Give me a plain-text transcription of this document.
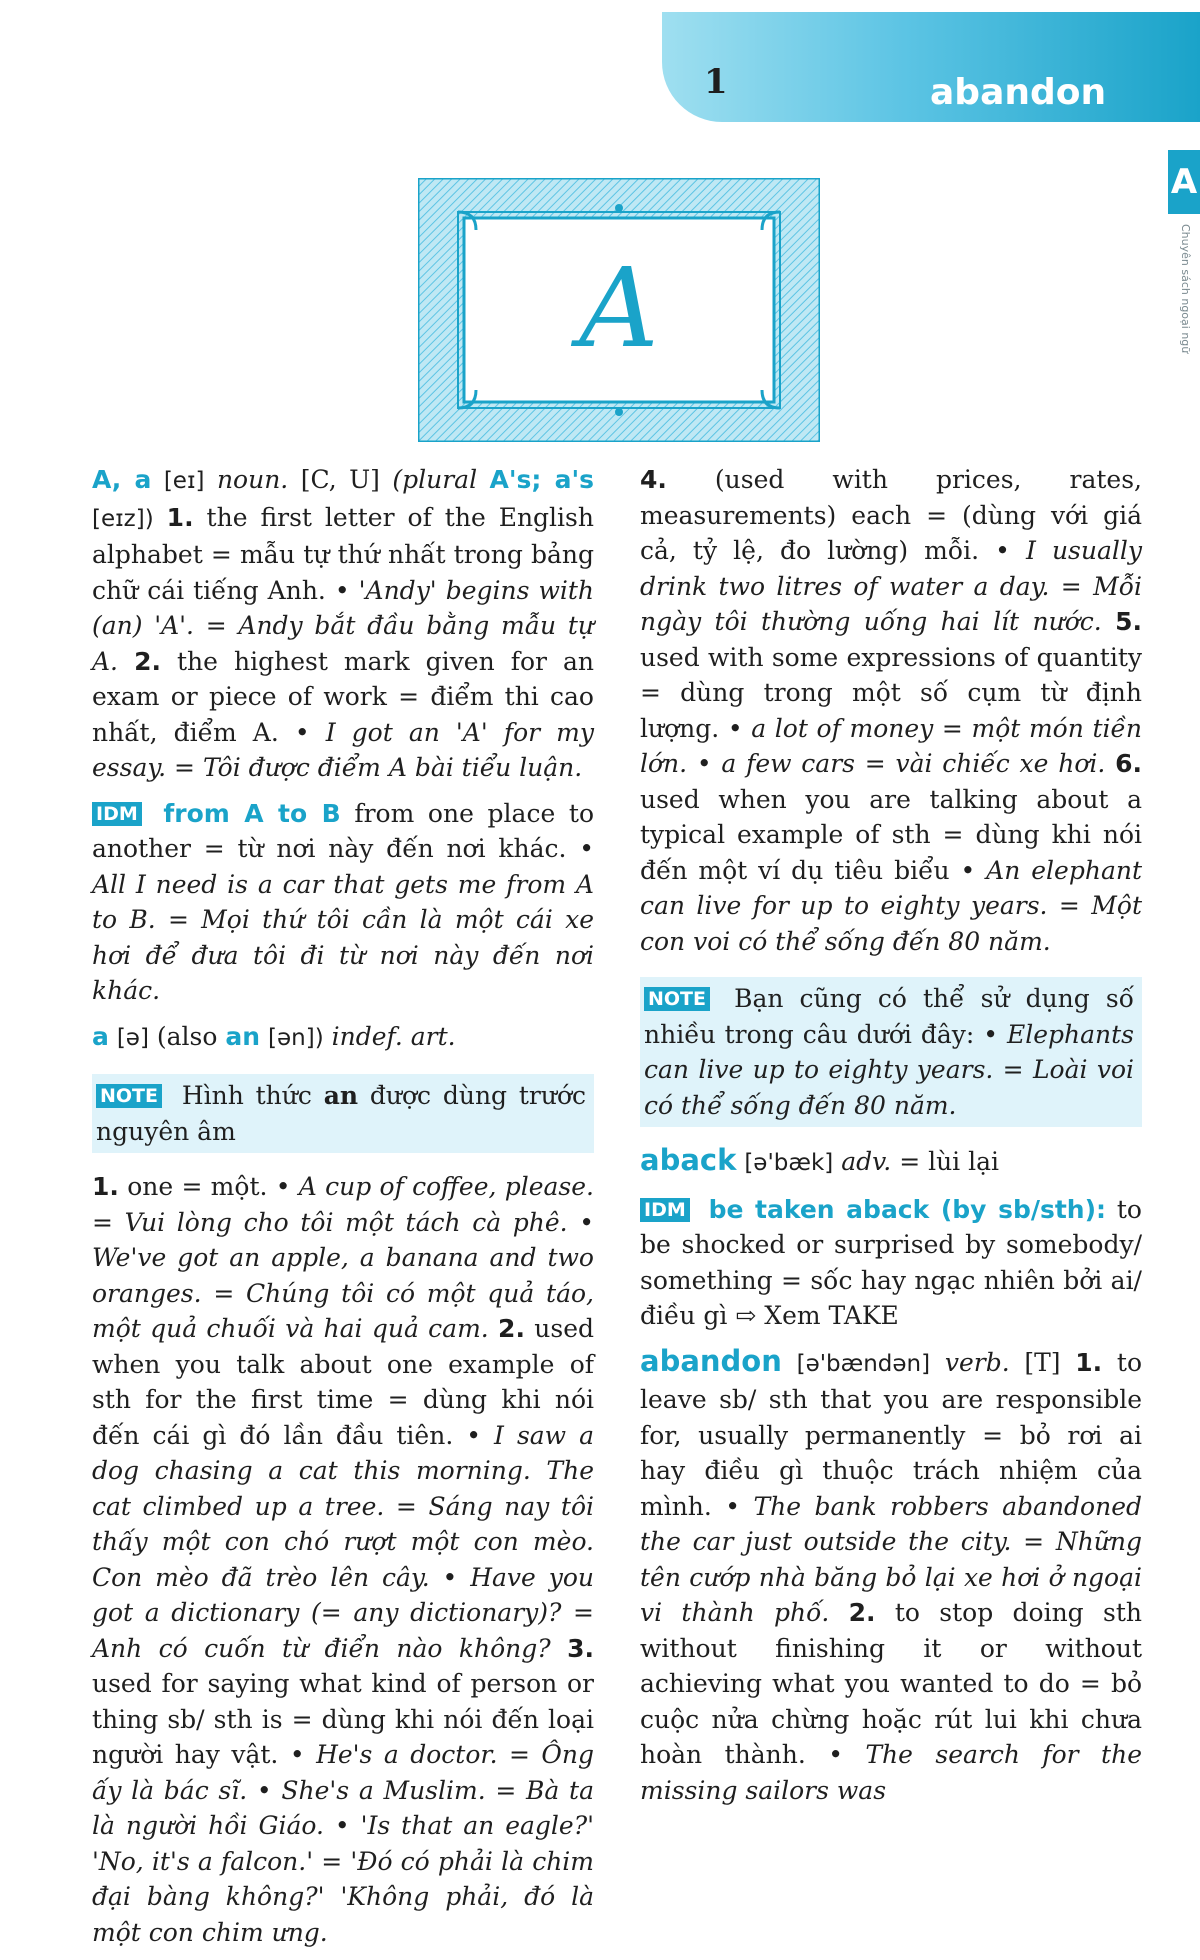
1	abandon
A
Chuyên sách ngoại ngữ
A

A, a [eɪ] noun. [C, U] (plural A's; a's [eɪz]) 1. the first letter of the English alphabet = mẫu tự thứ nhất trong bảng chữ cái tiếng Anh. • 'Andy' begins with (an) 'A'. = Andy bắt đầu bằng mẫu tự A. 2. the highest mark given for an exam or piece of work = điểm thi cao nhất, điểm A. • I got an 'A' for my essay. = Tôi được điểm A bài tiểu luận.

IDM from A to B from one place to another = từ nơi này đến nơi khác. • All I need is a car that gets me from A to B. = Mọi thứ tôi cần là một cái xe hơi để đưa tôi đi từ nơi này đến nơi khác.

a [ə] (also an [ən]) indef. art.

NOTE Hình thức an được dùng trước nguyên âm

1. one = một. • A cup of coffee, please. = Vui lòng cho tôi một tách cà phê. • We've got an apple, a banana and two oranges. = Chúng tôi có một quả táo, một quả chuối và hai quả cam. 2. used when you talk about one example of sth for the first time = dùng khi nói đến cái gì đó lần đầu tiên. • I saw a dog chasing a cat this morning. The cat climbed up a tree. = Sáng nay tôi thấy một con chó rượt một con mèo. Con mèo đã trèo lên cây. • Have you got a dictionary (= any dictionary)? = Anh có cuốn từ điển nào không? 3. used for saying what kind of person or thing sb/ sth is = dùng khi nói đến loại người hay vật. • He's a doctor. = Ông ấy là bác sĩ. • She's a Muslim. = Bà ta là người hồi Giáo. • 'Is that an eagle?' 'No, it's a falcon.' = 'Đó có phải là chim đại bàng không?' 'Không phải, đó là một con chim ưng.

4. (used with prices, rates, measurements) each = (dùng với giá cả, tỷ lệ, đo lường) mỗi. • I usually drink two litres of water a day. = Mỗi ngày tôi thường uống hai lít nước. 5. used with some expressions of quantity = dùng trong một số cụm từ định lượng. • a lot of money = một món tiền lớn. • a few cars = vài chiếc xe hơi. 6. used when you are talking about a typical example of sth = dùng khi nói đến một ví dụ tiêu biểu • An elephant can live for up to eighty years. = Một con voi có thể sống đến 80 năm.

NOTE Bạn cũng có thể sử dụng số nhiều trong câu dưới đây: • Elephants can live up to eighty years. = Loài voi có thể sống đến 80 năm.

aback [ə'bæk] adv. = lùi lại

IDM be taken aback (by sb/sth): to be shocked or surprised by somebody/ something = sốc hay ngạc nhiên bởi ai/ điều gì ⇨ Xem TAKE

abandon [ə'bændən] verb. [T] 1. to leave sb/ sth that you are responsible for, usually permanently = bỏ rơi ai hay điều gì thuộc trách nhiệm của mình. • The bank robbers abandoned the car just outside the city. = Những tên cướp nhà băng bỏ lại xe hơi ở ngoại vi thành phố. 2. to stop doing sth without finishing it or without achieving what you wanted to do = bỏ cuộc nửa chừng hoặc rút lui khi chưa hoàn thành. • The search for the missing sailors was
